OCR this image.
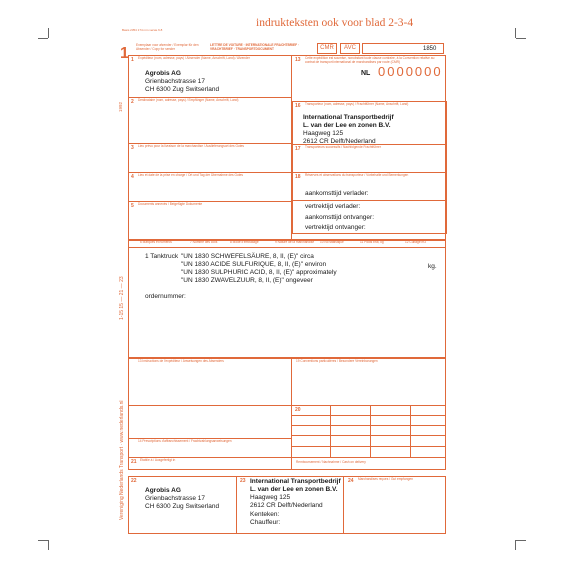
Basis 2354 174 mm versie 6.8
indrukteksten ook voor blad 2-3-4
1 Exemplaar voor afzender / Exemplar für den Absender / Copy for sender
LETTRE DE VOITURE · INTERNATIONALE FRACHTBRIEF · VRACHTBRIEF · TRANSPORTDOCUMENT	CMR	AVC	1850
NL 0000000
1992
Vereniging Nederlands Transport · www.nederlands.nl
1-15 15 — 21 — 23
1 Expéditeur (nom, adresse, pays) / Absender (Name, Anschrift, Land) / Afzender
Agrobis AG
Grienbachstrasse 17
CH 6300 Zug Switserland
2 Destinataire (nom, adresse, pays) / Empfänger (Name, Anschrift, Land)
3 Lieu prévu pour la livraison de la marchandise / Auslieferungsort des Gutes
4 Lieu et date de la prise en charge / Ort und Tag der Übernahme des Gutes
5 Documents annexés / Beigefügte Dokumente
16 Transporteur (nom, adresse, pays) / Frachtführer (Name, Anschrift, Land)
International Transportbedrijf
L. van der Lee en zonen B.V.
Haagweg 125
2612 CR Delft/Nederland
17 Transporteurs successifs / Nachfolgende Frachtführer
18 Réserves et observations du transporteur / Vorbehalte und Bemerkungen
aankomsttijd verlader:
vertrektijd verlader:
aankomsttijd ontvanger:
vertrektijd ontvanger:
13 Cette expédition est soumise, nonobstant toute clause contraire, à la Convention relative au contrat de transport international de marchandises par route (CMR)
6 Marques et numéros	7 Nombre des colis	8 Mode d'emballage	9 Nature de la marchandise 10 No statistique	11 Poids brut, kg	12 Cubage m3
1 Tanktruck "UN 1830 SCHWEFELSÄURE, 8, II, (E)" circa
"UN 1830 ACIDE SULFURIQUE, 8, II, (E)" environ
"UN 1830 SULPHURIC ACID, 8, II, (E)" approximately
"UN 1830 ZWAVELZUUR, 8, II, (E)" ongeveer
kg.
ordernummer:
13 Instructions de l'expéditeur / Anweisungen des Absenders	19 Conventions particulières / Besondere Vereinbarungen
20
14 Prescriptions d'affranchissement / Frachtzahlungsanweisungen
21 Établie à / Ausgefertigt in	Remboursement / Nachnahme / Cash on delivery
22
Agrobis AG
Grienbachstrasse 17
CH 6300 Zug Switserland
23 International Transportbedrijf
L. van der Lee en zonen B.V.
Haagweg 125
2612 CR Delft/Nederland
Kenteken:
Chauffeur:
24 Marchandises reçues / Gut empfangen
